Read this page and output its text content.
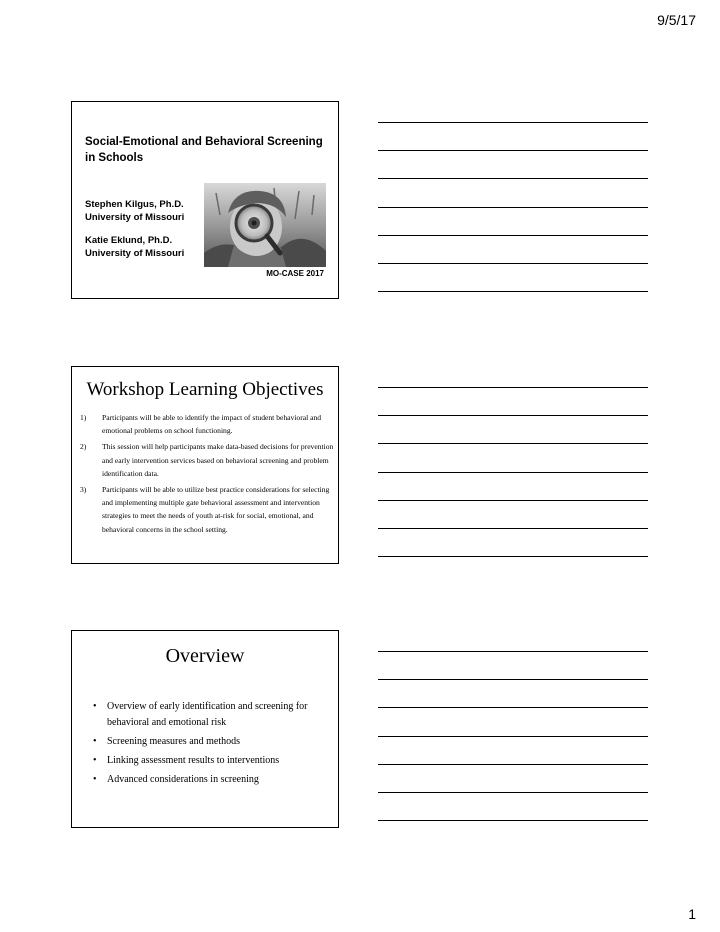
9/5/17
Social-Emotional and Behavioral Screening in Schools
Stephen Kilgus, Ph.D.
University of Missouri
Katie Eklund, Ph.D.
University of Missouri
MO-CASE 2017
Workshop Learning Objectives
1) Participants will be able to identify the impact of student behavioral and emotional problems on school functioning.
2) This session will help participants make data-based decisions for prevention and early intervention services based on behavioral screening and problem identification data.
3) Participants will be able to utilize best practice considerations for selecting and implementing multiple gate behavioral assessment and intervention strategies to meet the needs of youth at-risk for social, emotional, and behavioral concerns in the school setting.
Overview
• Overview of early identification and screening for behavioral and emotional risk
• Screening measures and methods
• Linking assessment results to interventions
• Advanced considerations in screening
1
